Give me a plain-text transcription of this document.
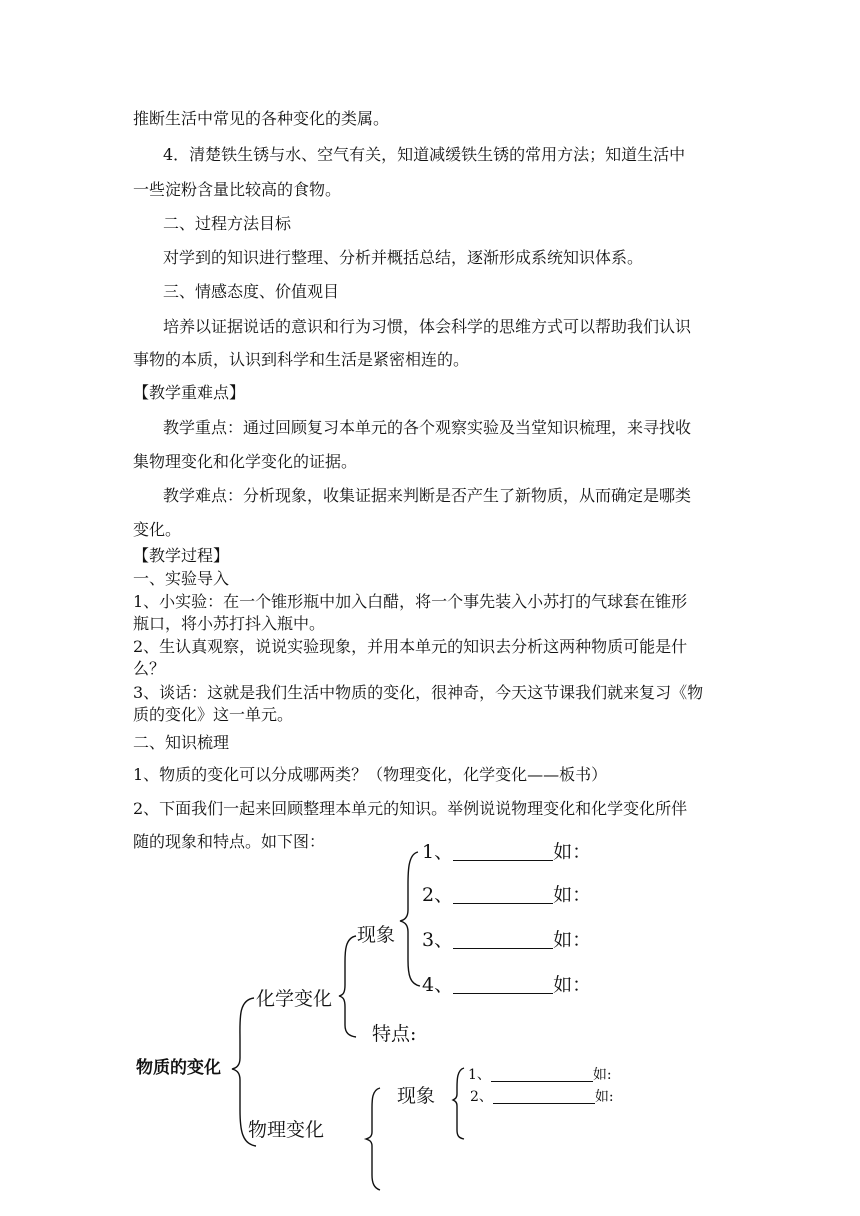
推断生活中常见的各种变化的类属。
4．清楚铁生锈与水、空气有关，知道减缓铁生锈的常用方法；知道生活中
一些淀粉含量比较高的食物。
二、过程方法目标
对学到的知识进行整理、分析并概括总结，逐渐形成系统知识体系。
三、情感态度、价值观目
培养以证据说话的意识和行为习惯，体会科学的思维方式可以帮助我们认识
事物的本质，认识到科学和生活是紧密相连的。
【教学重难点】
教学重点：通过回顾复习本单元的各个观察实验及当堂知识梳理，来寻找收
集物理变化和化学变化的证据。
教学难点：分析现象，收集证据来判断是否产生了新物质，从而确定是哪类
变化。
【教学过程】
一、实验导入
1、小实验：在一个锥形瓶中加入白醋，将一个事先装入小苏打的气球套在锥形
瓶口，将小苏打抖入瓶中。
2、生认真观察，说说实验现象，并用本单元的知识去分析这两种物质可能是什
么？
3、谈话：这就是我们生活中物质的变化，很神奇，今天这节课我们就来复习《物
质的变化》这一单元。
二、知识梳理
1、物质的变化可以分成哪两类？（物理变化，化学变化——板书）
2、下面我们一起来回顾整理本单元的知识。举例说说物理变化和化学变化所伴
随的现象和特点。如下图：
物质的变化
化学变化
现象
特点:
1、	如：
2、	如：
3、	如：
4、	如：
物理变化
现象
1、	如:
2、	如:
